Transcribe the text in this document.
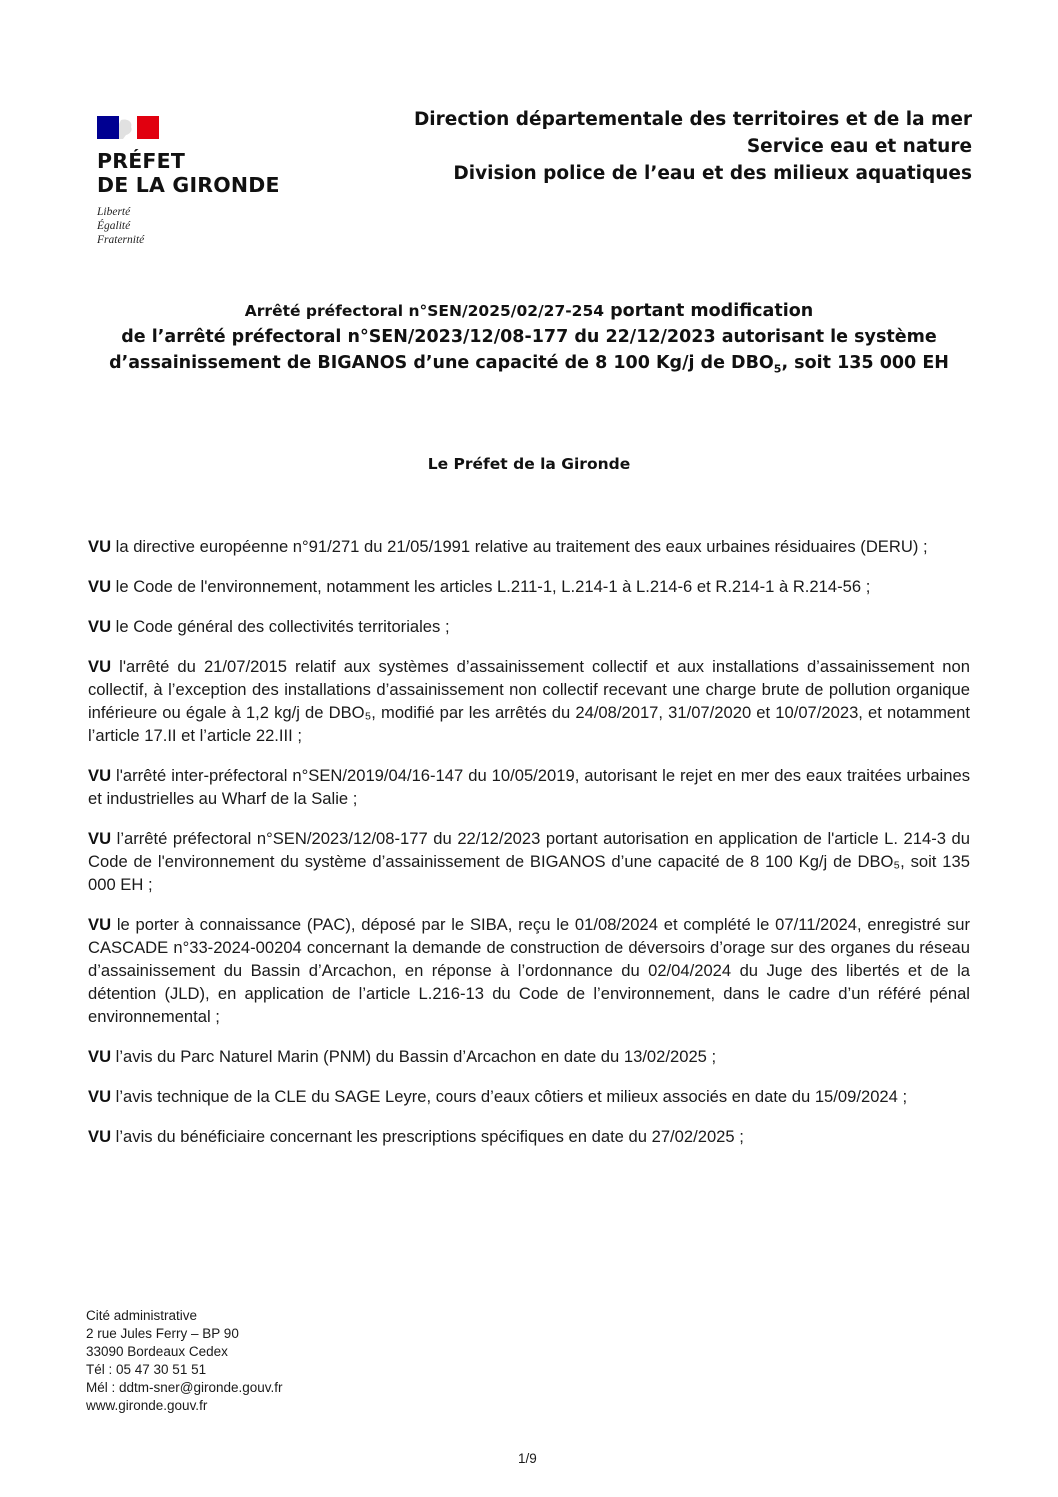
PRÉFET
DE LA GIRONDE
Liberté
Égalité
Fraternité
Direction départementale des territoires et de la mer
Service eau et nature
Division police de l’eau et des milieux aquatiques
Arrêté préfectoral n°SEN/2025/02/27-254 portant modification
de l’arrêté préfectoral n°SEN/2023/12/08-177 du 22/12/2023 autorisant le système
d’assainissement de BIGANOS d’une capacité de 8 100 Kg/j de $DBO_5$, soit 135 000 EH
Le Préfet de la Gironde

VU la directive européenne n°91/271 du 21/05/1991 relative au traitement des eaux urbaines résiduaires (DERU) ;

VU le Code de l'environnement, notamment les articles L.211-1, L.214-1 à L.214-6 et R.214-1 à R.214-56 ;

VU le Code général des collectivités territoriales ;

VU l'arrêté du 21/07/2015 relatif aux systèmes d’assainissement collectif et aux installations d’assainissement non collectif, à l’exception des installations d’assainissement non collectif recevant une charge brute de pollution organique inférieure ou égale à 1,2 kg/j de DBO₅, modifié par les arrêtés du 24/08/2017, 31/07/2020 et 10/07/2023, et notamment l’article 17.II et l’article 22.III ;

VU l'arrêté inter-préfectoral n°SEN/2019/04/16-147 du 10/05/2019, autorisant le rejet en mer des eaux traitées urbaines et industrielles au Wharf de la Salie ;

VU l’arrêté préfectoral n°SEN/2023/12/08-177 du 22/12/2023 portant autorisation en application de l'article L. 214-3 du Code de l'environnement du système d’assainissement de BIGANOS d’une capacité de 8 100 Kg/j de DBO₅, soit 135 000 EH ;

VU le porter à connaissance (PAC), déposé par le SIBA, reçu le 01/08/2024 et complété le 07/11/2024, enregistré sur CASCADE n°33-2024-00204 concernant la demande de construction de déversoirs d’orage sur des organes du réseau d’assainissement du Bassin d’Arcachon, en réponse à l’ordonnance du 02/04/2024 du Juge des libertés et de la détention (JLD), en application de l’article L.216-13 du Code de l’environnement, dans le cadre d’un référé pénal environnemental ;

VU l’avis du Parc Naturel Marin (PNM) du Bassin d’Arcachon en date du 13/02/2025 ;

VU l’avis technique de la CLE du SAGE Leyre, cours d’eaux côtiers et milieux associés en date du 15/09/2024 ;

VU l’avis du bénéficiaire concernant les prescriptions spécifiques en date du 27/02/2025 ;

Cité administrative
2 rue Jules Ferry – BP 90
33090 Bordeaux Cedex
Tél : 05 47 30 51 51
Mél : ddtm-sner@gironde.gouv.fr
www.gironde.gouv.fr
1/9
